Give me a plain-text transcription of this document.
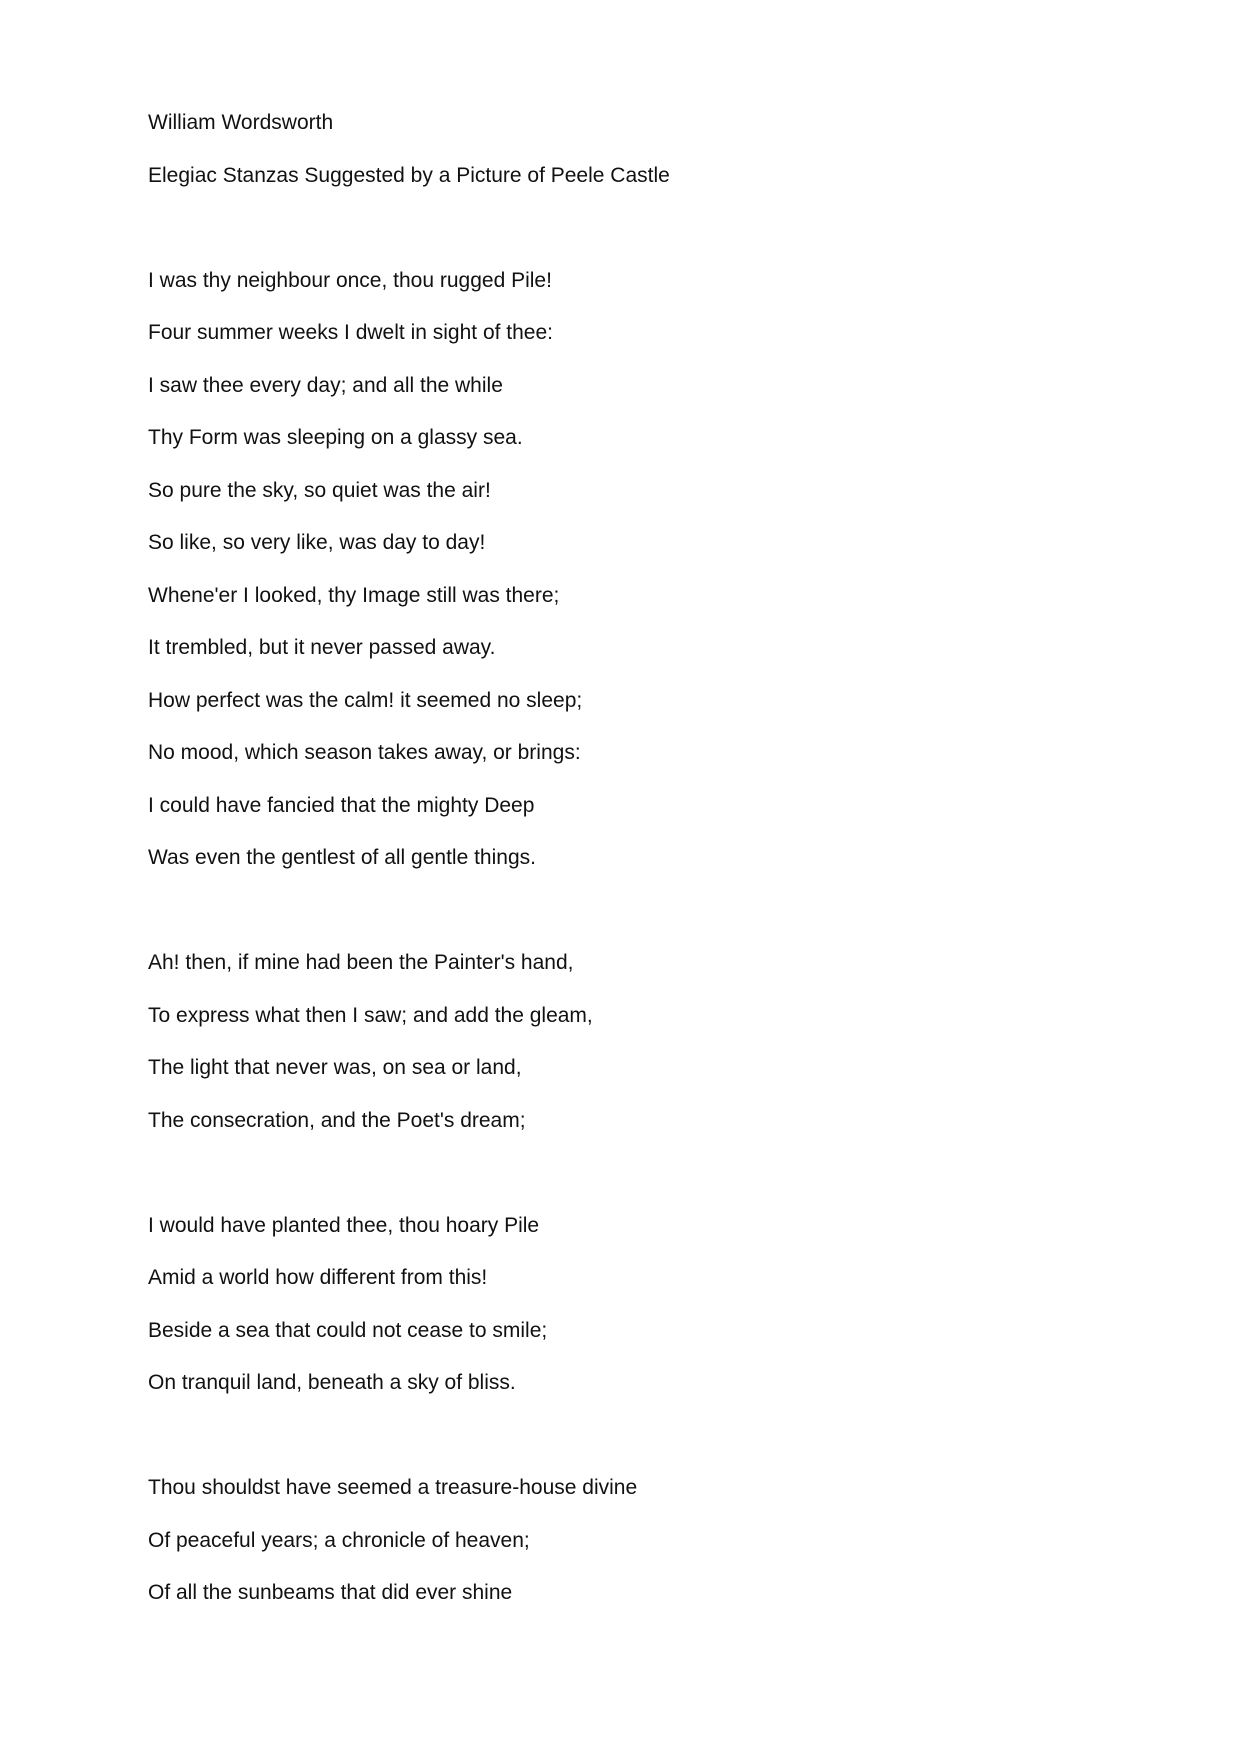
William Wordsworth
Elegiac Stanzas Suggested by a Picture of Peele Castle
I was thy neighbour once, thou rugged Pile!
Four summer weeks I dwelt in sight of thee:
I saw thee every day; and all the while
Thy Form was sleeping on a glassy sea.
So pure the sky, so quiet was the air!
So like, so very like, was day to day!
Whene'er I looked, thy Image still was there;
It trembled, but it never passed away.
How perfect was the calm! it seemed no sleep;
No mood, which season takes away, or brings:
I could have fancied that the mighty Deep
Was even the gentlest of all gentle things.
Ah! then, if mine had been the Painter's hand,
To express what then I saw; and add the gleam,
The light that never was, on sea or land,
The consecration, and the Poet's dream;
I would have planted thee, thou hoary Pile
Amid a world how different from this!
Beside a sea that could not cease to smile;
On tranquil land, beneath a sky of bliss.
Thou shouldst have seemed a treasure-house divine
Of peaceful years; a chronicle of heaven;
Of all the sunbeams that did ever shine
